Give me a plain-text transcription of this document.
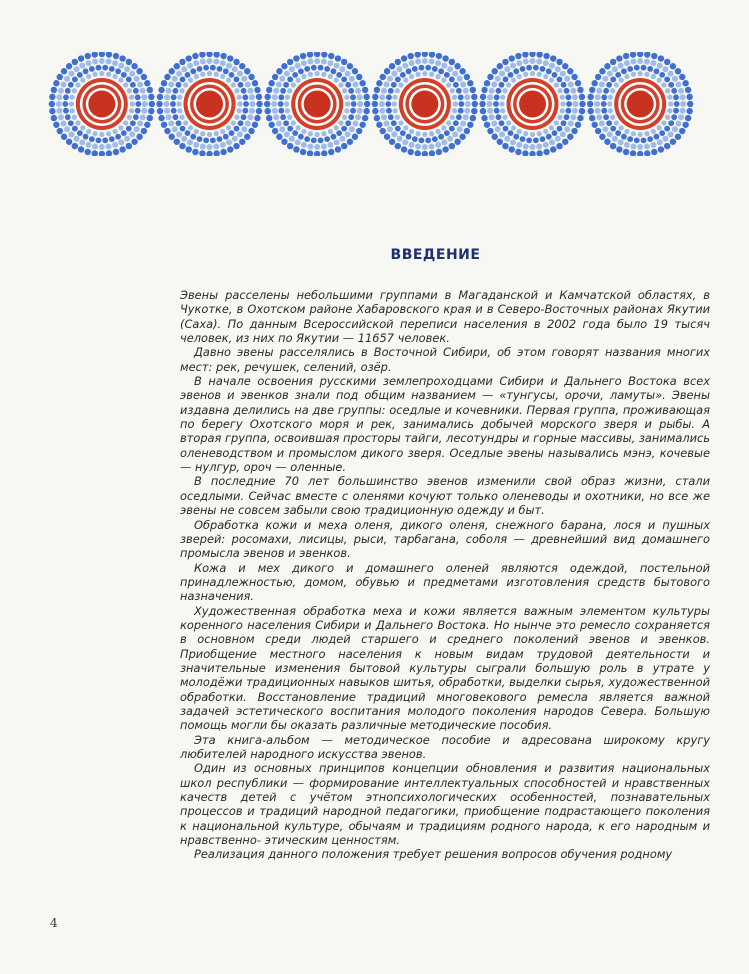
ВВЕДЕНИЕ

Эвены расселены небольшими группами в Магаданской и Камчатской областях, в Чукотке, в Охотском районе Хабаровского края и в Северо-Восточных районах Якутии (Саха). По данным Всероссийской переписи населения в 2002 года было 19 тысяч человек, из них по Якутии — 11657 человек.

Давно эвены расселялись в Восточной Сибири, об этом говорят названия многих мест: рек, речушек, селений, озёр.

В начале освоения русскими землепроходцами Сибири и Дальнего Востока всех эвенов и эвенков знали под общим названием — «тунгусы, орочи, ламуты». Эвены издавна делились на две группы: оседлые и кочевники. Первая группа, проживающая по берегу Охотского моря и рек, занимались добычей морского зверя и рыбы. А вторая группа, освоившая просторы тайги, лесотундры и горные массивы, занимались оленеводством и промыслом дикого зверя. Оседлые эвены назывались мэнэ, кочевые — нулгур, ороч — оленные.

В последние 70 лет большинство эвенов изменили свой образ жизни, стали оседлыми. Сейчас вместе с оленями кочуют только оленеводы и охотники, но все же эвены не совсем забыли свою традиционную одежду и быт.

Обработка кожи и меха оленя, дикого оленя, снежного барана, лося и пушных зверей: росомахи, лисицы, рыси, тарбагана, соболя — древнейший вид домашнего промысла эвенов и эвенков.

Кожа и мех дикого и домашнего оленей являются одеждой, постельной принадлежностью, домом, обувью и предметами изготовления средств бытового назначения.

Художественная обработка меха и кожи является важным элементом культуры коренного населения Сибири и Дальнего Востока. Но нынче это ремесло сохраняется в основном среди людей старшего и среднего поколений эвенов и эвенков. Приобщение местного населения к новым видам трудовой деятельности и значительные изменения бытовой культуры сыграли большую роль в утрате у молодёжи традиционных навыков шитья, обработки, выделки сырья, художественной обработки. Восстановление традиций многовекового ремесла является важной задачей эстетического воспитания молодого поколения народов Севера. Большую помощь могли бы оказать различные методические пособия.

Эта книга-альбом — методическое пособие и адресована широкому кругу любителей народного искусства эвенов.

Один из основных принципов концепции обновления и развития национальных школ республики — формирование интеллектуальных способностей и нравственных качеств детей с учётом этнопсихологических особенностей, познавательных процессов и традиций народной педагогики, приобщение подрастающего поколения к национальной культуре, обычаям и традициям родного народа, к его народным и нравственно- этическим ценностям.

Реализация данного положения требует решения вопросов обучения родному

4
